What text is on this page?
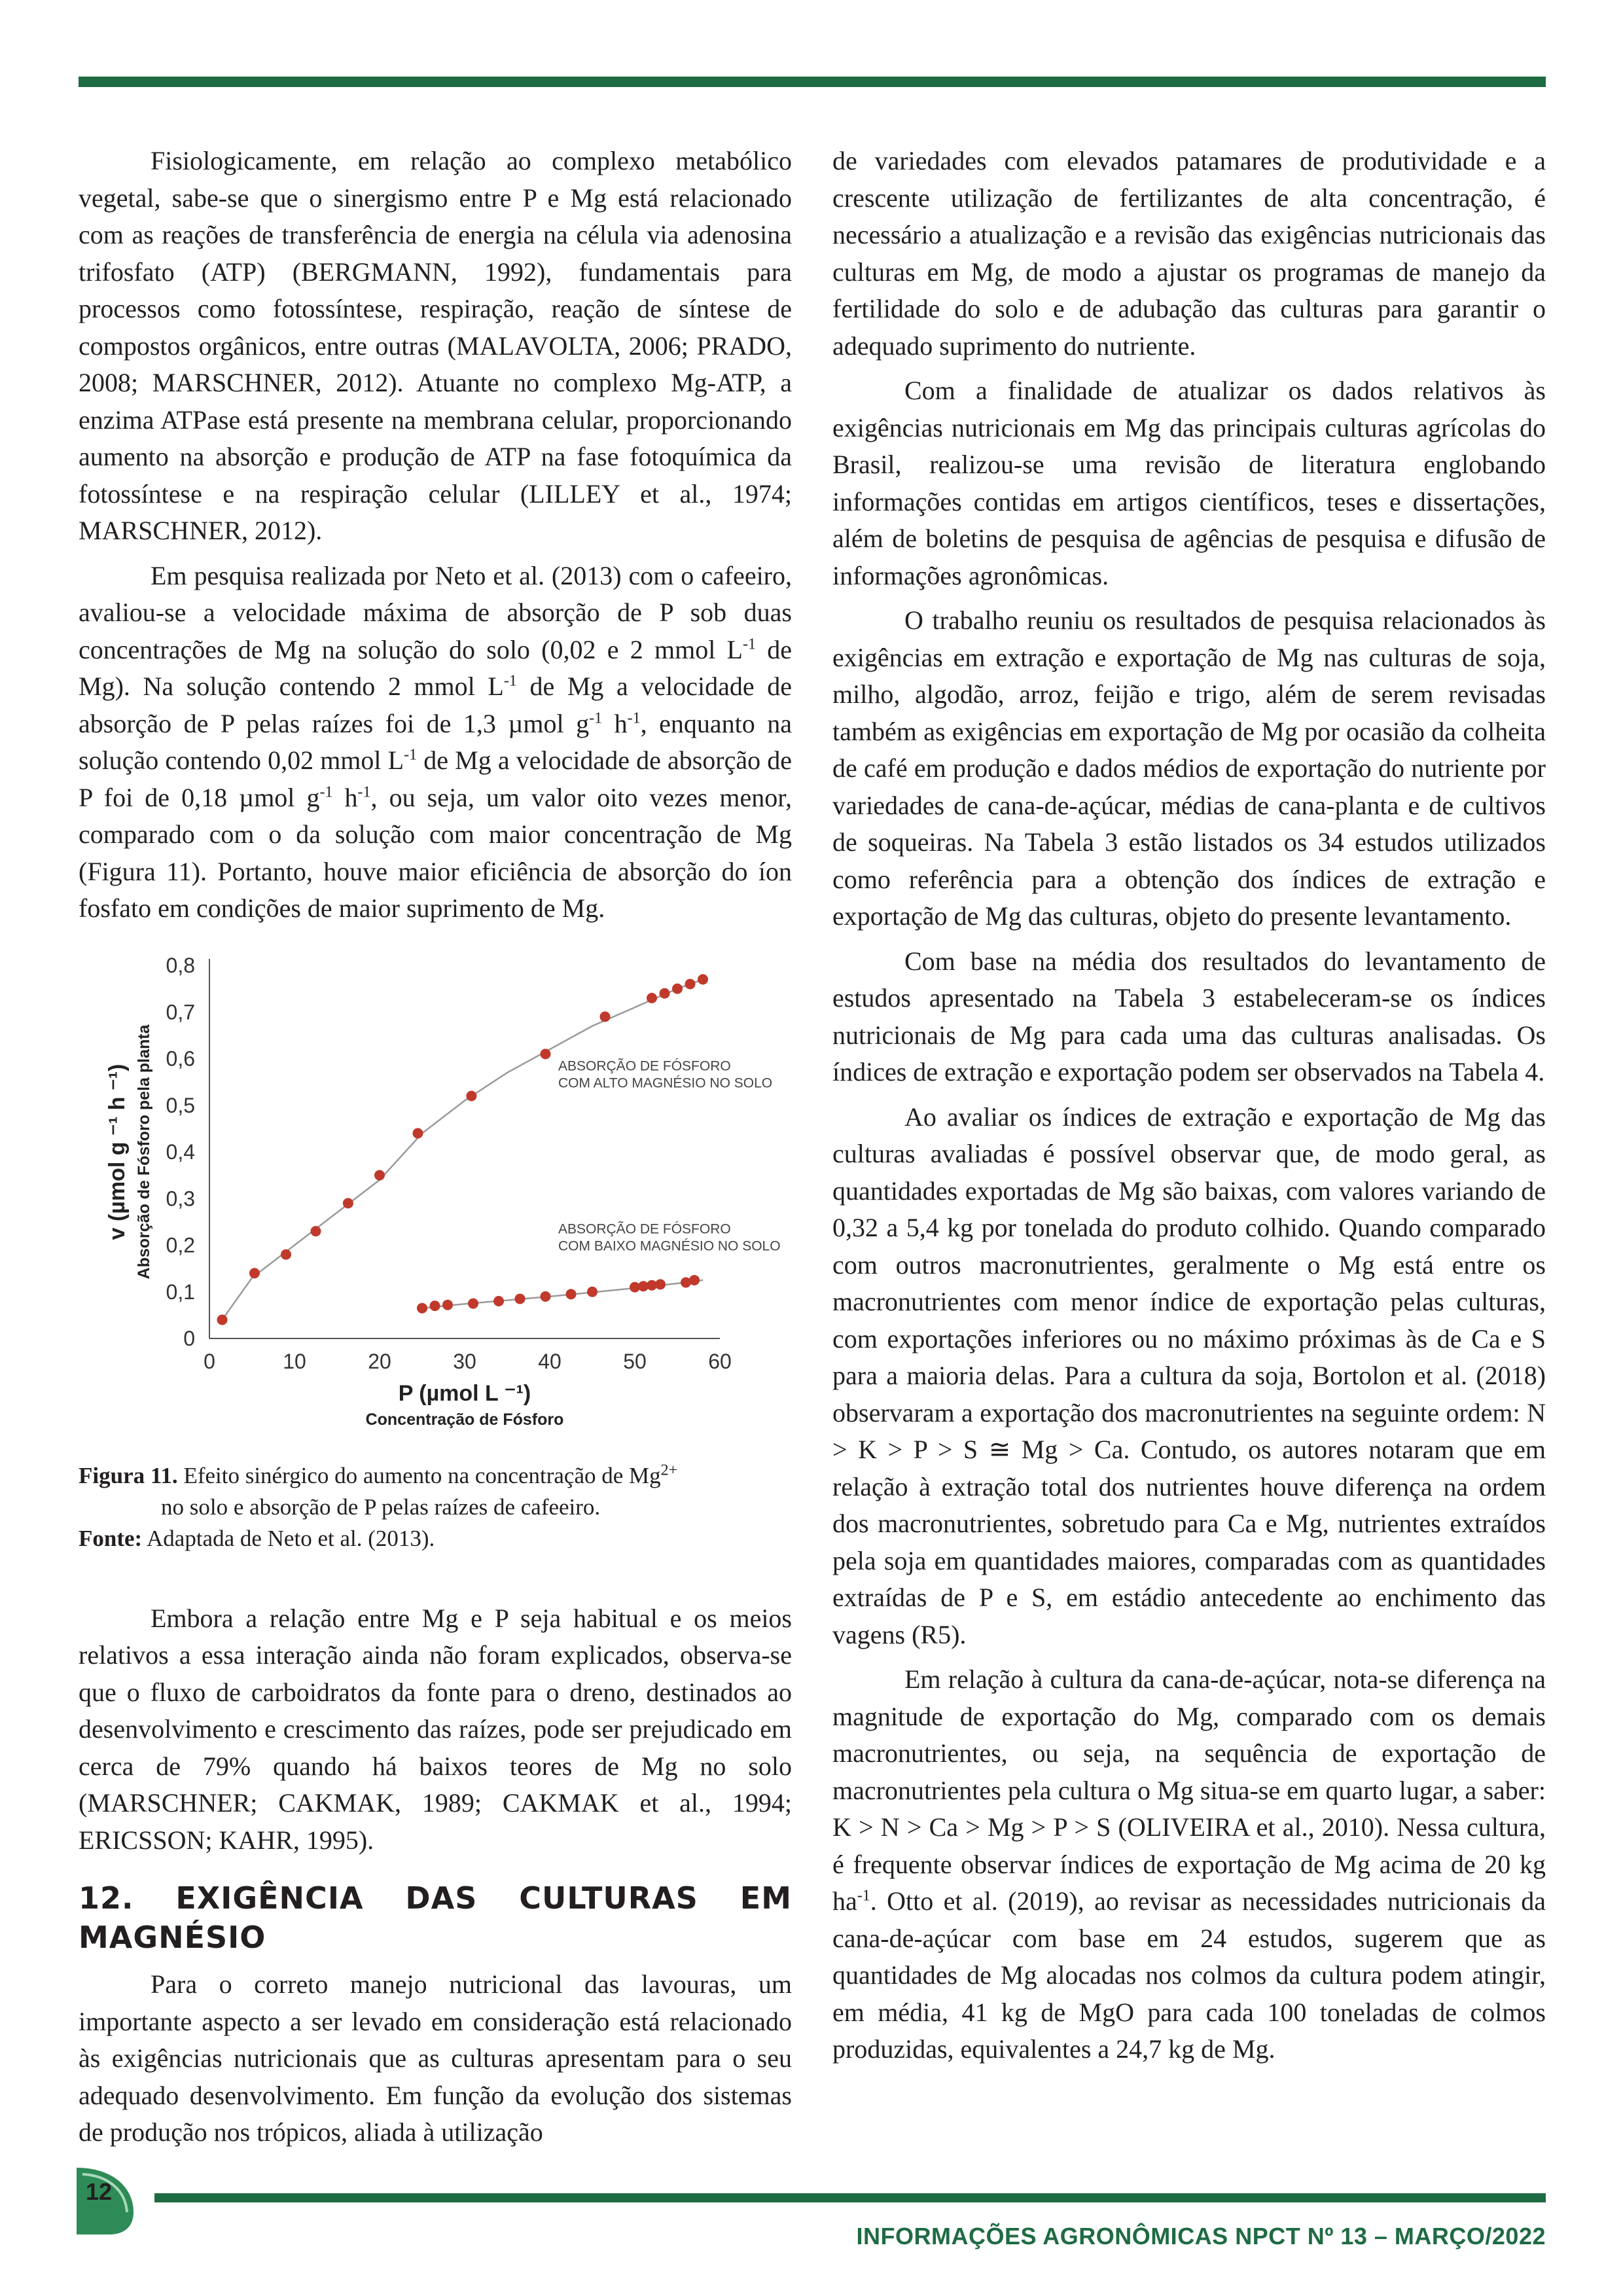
Fisiologicamente, em relação ao complexo metabólico vegetal, sabe-se que o sinergismo entre P e Mg está relacionado com as reações de transferência de energia na célula via adenosina trifosfato (ATP) (BERGMANN, 1992), fundamentais para processos como fotossíntese, respiração, reação de síntese de compostos orgânicos, entre outras (MALAVOLTA, 2006; PRADO, 2008; MARSCHNER, 2012). Atuante no complexo Mg-ATP, a enzima ATPase está presente na membrana celular, proporcionando aumento na absorção e produção de ATP na fase fotoquímica da fotossíntese e na respiração celular (LILLEY et al., 1974; MARSCHNER, 2012).

Em pesquisa realizada por Neto et al. (2013) com o cafeeiro, avaliou-se a velocidade máxima de absorção de P sob duas concentrações de Mg na solução do solo (0,02 e 2 mmol $L^{-1}$ de Mg). Na solução contendo 2 mmol $L^{-1}$ de Mg a velocidade de absorção de P pelas raízes foi de 1,3 µmol $g^{-1}$ $h^{-1}$, enquanto na solução contendo 0,02 mmol $L^{-1}$ de Mg a velocidade de absorção de P foi de 0,18 µmol $g^{-1}$ $h^{-1}$, ou seja, um valor oito vezes menor, comparado com o da solução com maior concentração de Mg (Figura 11). Portanto, houve maior eficiência de absorção do íon fosfato em condições de maior suprimento de Mg.

0
0,1
0,2
0,3
0,4
0,5
0,6
0,7
0,8
0	10	20	30	40	50	60
P (µmol L ⁻¹)
Concentração de Fósforo
v (µmol g ⁻¹ h ⁻¹) Absorção de Fósforo pela planta	ABSORÇÃO DE FÓSFORO
COM ALTO MAGNÉSIO NO SOLO
ABSORÇÃO DE FÓSFORO
COM BAIXO MAGNÉSIO NO SOLO
Figura 11. Efeito sinérgico do aumento na concentração de $Mg^{2+}$
no solo e absorção de P pelas raízes de cafeeiro.
Fonte: Adaptada de Neto et al. (2013).

Embora a relação entre Mg e P seja habitual e os meios relativos a essa interação ainda não foram explicados, observa-se que o fluxo de carboidratos da fonte para o dreno, destinados ao desenvolvimento e crescimento das raízes, pode ser prejudicado em cerca de 79% quando há baixos teores de Mg no solo (MARSCHNER; CAKMAK, 1989; CAKMAK et al., 1994; ERICSSON; KAHR, 1995).

12. EXIGÊNCIA DAS CULTURAS EM MAGNÉSIO

Para o correto manejo nutricional das lavouras, um importante aspecto a ser levado em consideração está relacionado às exigências nutricionais que as culturas apresentam para o seu adequado desenvolvimento. Em função da evolução dos sistemas de produção nos trópicos, aliada à utilização

de variedades com elevados patamares de produtividade e a crescente utilização de fertilizantes de alta concentração, é necessário a atualização e a revisão das exigências nutricionais das culturas em Mg, de modo a ajustar os programas de manejo da fertilidade do solo e de adubação das culturas para garantir o adequado suprimento do nutriente.

Com a finalidade de atualizar os dados relativos às exigências nutricionais em Mg das principais culturas agrícolas do Brasil, realizou-se uma revisão de literatura englobando informações contidas em artigos científicos, teses e dissertações, além de boletins de pesquisa de agências de pesquisa e difusão de informações agronômicas.

O trabalho reuniu os resultados de pesquisa relacionados às exigências em extração e exportação de Mg nas culturas de soja, milho, algodão, arroz, feijão e trigo, além de serem revisadas também as exigências em exportação de Mg por ocasião da colheita de café em produção e dados médios de exportação do nutriente por variedades de cana-de-açúcar, médias de cana-planta e de cultivos de soqueiras. Na Tabela 3 estão listados os 34 estudos utilizados como referência para a obtenção dos índices de extração e exportação de Mg das culturas, objeto do presente levantamento.

Com base na média dos resultados do levantamento de estudos apresentado na Tabela 3 estabeleceram-se os índices nutricionais de Mg para cada uma das culturas analisadas. Os índices de extração e exportação podem ser observados na Tabela 4.

Ao avaliar os índices de extração e exportação de Mg das culturas avaliadas é possível observar que, de modo geral, as quantidades exportadas de Mg são baixas, com valores variando de 0,32 a 5,4 kg por tonelada do produto colhido. Quando comparado com outros macronutrientes, geralmente o Mg está entre os macronutrientes com menor índice de exportação pelas culturas, com exportações inferiores ou no máximo próximas às de Ca e S para a maioria delas. Para a cultura da soja, Bortolon et al. (2018) observaram a exportação dos macronutrientes na seguinte ordem: N > K > P > S ≅ Mg > Ca. Contudo, os autores notaram que em relação à extração total dos nutrientes houve diferença na ordem dos macronutrientes, sobretudo para Ca e Mg, nutrientes extraídos pela soja em quantidades maiores, comparadas com as quantidades extraídas de P e S, em estádio antecedente ao enchimento das vagens (R5).

Em relação à cultura da cana-de-açúcar, nota-se diferença na magnitude de exportação do Mg, comparado com os demais macronutrientes, ou seja, na sequência de exportação de macronutrientes pela cultura o Mg situa-se em quarto lugar, a saber: K > N > Ca > Mg > P > S (OLIVEIRA et al., 2010). Nessa cultura, é frequente observar índices de exportação de Mg acima de 20 kg $ha^{-1}$. Otto et al. (2019), ao revisar as necessidades nutricionais da cana-de-açúcar com base em 24 estudos, sugerem que as quantidades de Mg alocadas nos colmos da cultura podem atingir, em média, 41 kg de MgO para cada 100 toneladas de colmos produzidas, equivalentes a 24,7 kg de Mg.

12
INFORMAÇÕES AGRONÔMICAS NPCT Nº 13 – MARÇO/2022
